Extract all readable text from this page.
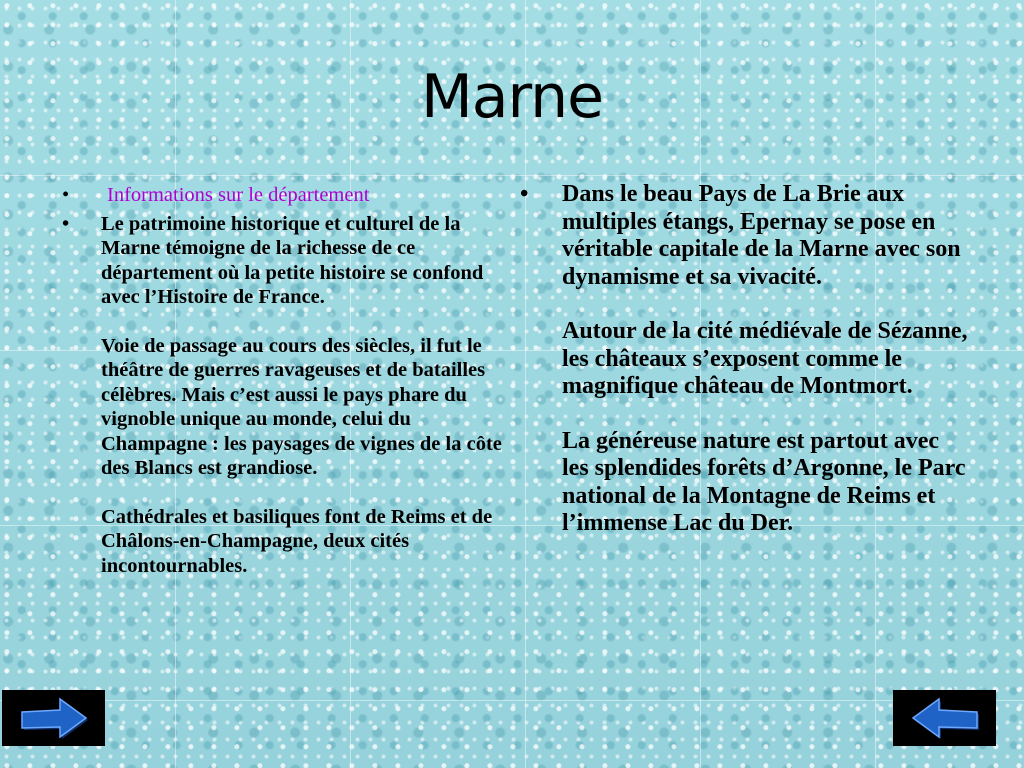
Marne
• Informations sur le département
• Le patrimoine historique et culturel de la Marne témoigne de la richesse de ce département où la petite histoire se confond avec l’Histoire de France.
Voie de passage au cours des siècles, il fut le théâtre de guerres ravageuses et de batailles célèbres. Mais c’est aussi le pays phare du vignoble unique au monde, celui du Champagne : les paysages de vignes de la côte des Blancs est grandiose.
Cathédrales et basiliques font de Reims et de Châlons-en-Champagne, deux cités incontournables.
• Dans le beau Pays de La Brie aux multiples étangs, Epernay se pose en véritable capitale de la Marne avec son dynamisme et sa vivacité.
Autour de la cité médiévale de Sézanne, les châteaux s’exposent comme le magnifique château de Montmort.
La généreuse nature est partout avec les splendides forêts d’Argonne, le Parc national de la Montagne de Reims et l’immense Lac du Der.
